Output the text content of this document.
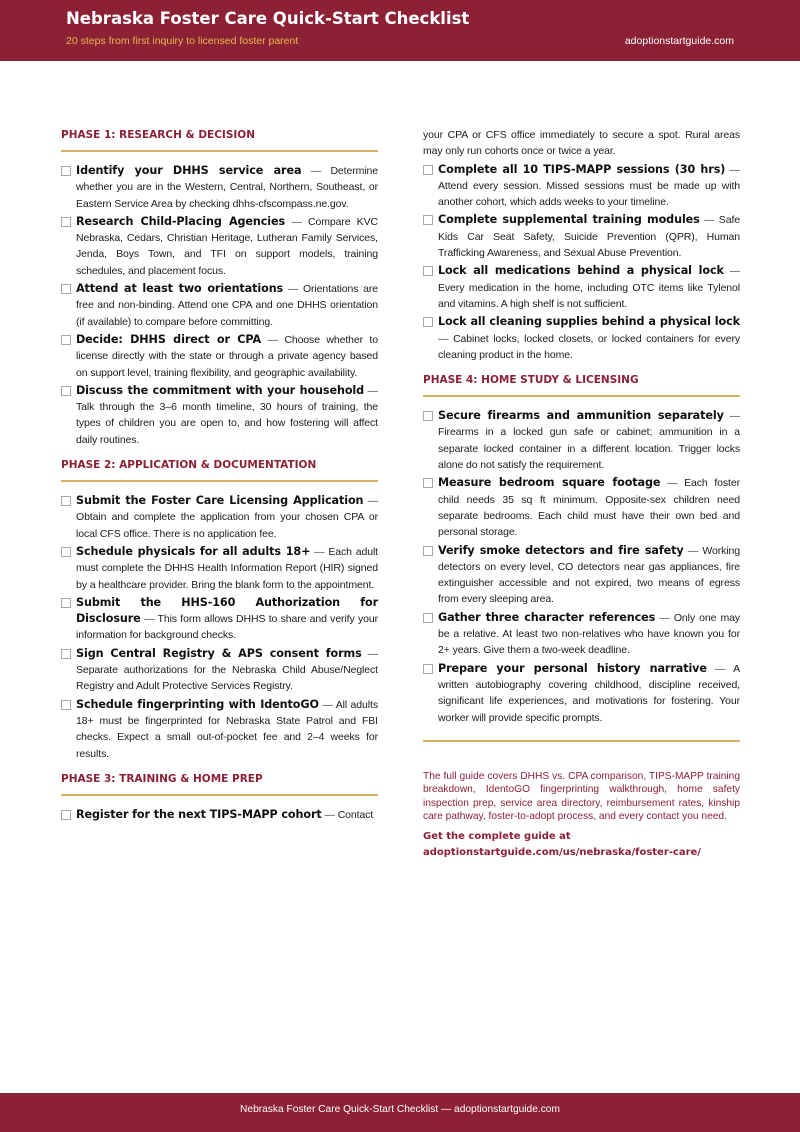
Nebraska Foster Care Quick-Start Checklist
20 steps from first inquiry to licensed foster parent	adoptionstartguide.com
PHASE 1: RESEARCH & DECISION
Identify your DHHS service area — Determine whether you are in the Western, Central, Northern, Southeast, or Eastern Service Area by checking dhhs-cfscompass.ne.gov.
Research Child-Placing Agencies — Compare KVC Nebraska, Cedars, Christian Heritage, Lutheran Family Services, Jenda, Boys Town, and TFI on support models, training schedules, and placement focus.
Attend at least two orientations — Orientations are free and non-binding. Attend one CPA and one DHHS orientation (if available) to compare before committing.
Decide: DHHS direct or CPA — Choose whether to license directly with the state or through a private agency based on support level, training flexibility, and geographic availability.
Discuss the commitment with your household — Talk through the 3–6 month timeline, 30 hours of training, the types of children you are open to, and how fostering will affect daily routines.
PHASE 2: APPLICATION & DOCUMENTATION
Submit the Foster Care Licensing Application — Obtain and complete the application from your chosen CPA or local CFS office. There is no application fee.
Schedule physicals for all adults 18+ — Each adult must complete the DHHS Health Information Report (HIR) signed by a healthcare provider. Bring the blank form to the appointment.
Submit the HHS-160 Authorization for Disclosure — This form allows DHHS to share and verify your information for background checks.
Sign Central Registry & APS consent forms — Separate authorizations for the Nebraska Child Abuse/Neglect Registry and Adult Protective Services Registry.
Schedule fingerprinting with IdentoGO — All adults 18+ must be fingerprinted for Nebraska State Patrol and FBI checks. Expect a small out-of-pocket fee and 2–4 weeks for results.
PHASE 3: TRAINING & HOME PREP
Register for the next TIPS-MAPP cohort — Contact
your CPA or CFS office immediately to secure a spot. Rural areas may only run cohorts once or twice a year.
Complete all 10 TIPS-MAPP sessions (30 hrs) — Attend every session. Missed sessions must be made up with another cohort, which adds weeks to your timeline.
Complete supplemental training modules — Safe Kids Car Seat Safety, Suicide Prevention (QPR), Human Trafficking Awareness, and Sexual Abuse Prevention.
Lock all medications behind a physical lock — Every medication in the home, including OTC items like Tylenol and vitamins. A high shelf is not sufficient.
Lock all cleaning supplies behind a physical lock — Cabinet locks, locked closets, or locked containers for every cleaning product in the home.
PHASE 4: HOME STUDY & LICENSING
Secure firearms and ammunition separately — Firearms in a locked gun safe or cabinet; ammunition in a separate locked container in a different location. Trigger locks alone do not satisfy the requirement.
Measure bedroom square footage — Each foster child needs 35 sq ft minimum. Opposite-sex children need separate bedrooms. Each child must have their own bed and personal storage.
Verify smoke detectors and fire safety — Working detectors on every level, CO detectors near gas appliances, fire extinguisher accessible and not expired, two means of egress from every sleeping area.
Gather three character references — Only one may be a relative. At least two non-relatives who have known you for 2+ years. Give them a two-week deadline.
Prepare your personal history narrative — A written autobiography covering childhood, discipline received, significant life experiences, and motivations for fostering. Your worker will provide specific prompts.
The full guide covers DHHS vs. CPA comparison, TIPS-MAPP training breakdown, IdentoGO fingerprinting walkthrough, home safety inspection prep, service area directory, reimbursement rates, kinship care pathway, foster-to-adopt process, and every contact you need.
Get the complete guide at
adoptionstartguide.com/us/nebraska/foster-care/
Nebraska Foster Care Quick-Start Checklist — adoptionstartguide.com
